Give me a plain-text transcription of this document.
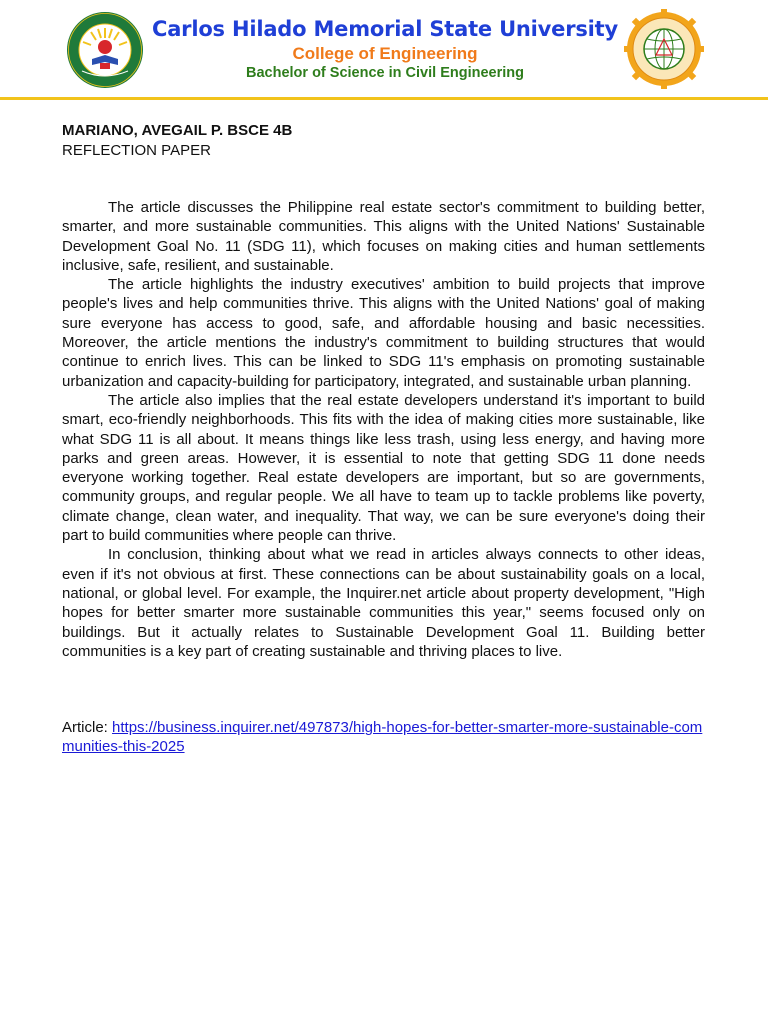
Carlos Hilado Memorial State University
College of Engineering
Bachelor of Science in Civil Engineering
MARIANO, AVEGAIL P. BSCE 4B
REFLECTION PAPER

The article discusses the Philippine real estate sector's commitment to building better, smarter, and more sustainable communities. This aligns with the United Nations' Sustainable Development Goal No. 11 (SDG 11), which focuses on making cities and human settlements inclusive, safe, resilient, and sustainable.

The article highlights the industry executives' ambition to build projects that improve people's lives and help communities thrive. This aligns with the United Nations' goal of making sure everyone has access to good, safe, and affordable housing and basic necessities. Moreover, the article mentions the industry's commitment to building structures that would continue to enrich lives. This can be linked to SDG 11's emphasis on promoting sustainable urbanization and capacity-building for participatory, integrated, and sustainable urban planning.

The article also implies that the real estate developers understand it's important to build smart, eco-friendly neighborhoods. This fits with the idea of making cities more sustainable, like what SDG 11 is all about. It means things like less trash, using less energy, and having more parks and green areas. However, it is essential to note that getting SDG 11 done needs everyone working together. Real estate developers are important, but so are governments, community groups, and regular people. We all have to team up to tackle problems like poverty, climate change, clean water, and inequality. That way, we can be sure everyone's doing their part to build communities where people can thrive.

In conclusion, thinking about what we read in articles always connects to other ideas, even if it's not obvious at first. These connections can be about sustainability goals on a local, national, or global level. For example, the Inquirer.net article about property development, "High hopes for better smarter more sustainable communities this year," seems focused only on buildings. But it actually relates to Sustainable Development Goal 11. Building better communities is a key part of creating sustainable and thriving places to live.

Article: https://business.inquirer.net/497873/high-hopes-for-better-smarter-more-sustainable-communities-this-2025
